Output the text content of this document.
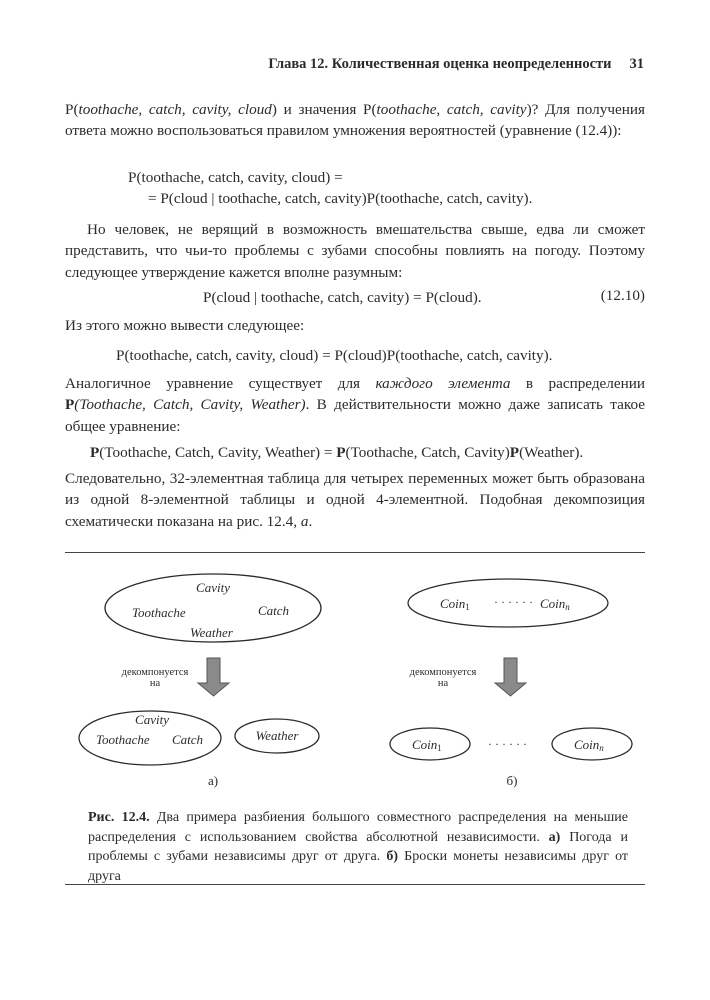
Глава 12. Количественная оценка неопределенности 31
P(toothache, catch, cavity, cloud) и значения P(toothache, catch, cavity)? Для получения ответа можно воспользоваться правилом умножения вероятностей (уравнение (12.4)):
P(toothache, catch, cavity, cloud) =
= P(cloud | toothache, catch, cavity)P(toothache, catch, cavity).
Но человек, не верящий в возможность вмешательства свыше, едва ли сможет представить, что чьи-то проблемы с зубами способны повлиять на погоду. Поэтому следующее утверждение кажется вполне разумным:
P(cloud | toothache, catch, cavity) = P(cloud).	(12.10)
Из этого можно вывести следующее:
P(toothache, catch, cavity, cloud) = P(cloud)P(toothache, catch, cavity).
Аналогичное уравнение существует для каждого элемента в распределении P(Toothache, Catch, Cavity, Weather). В действительности можно даже записать такое общее уравнение:
P(Toothache, Catch, Cavity, Weather) = P(Toothache, Catch, Cavity)P(Weather).
Следовательно, 32-элементная таблица для четырех переменных может быть образована из одной 8-элементной таблицы и одной 4-элементной. Подобная декомпозиция схематически показана на рис. 12.4, а.
Cavity
Toothache	Catch
Weather
декомпонуется
на
Cavity
Toothache Catch	Weather
а)
Coin1 · · · · · · Coinn
декомпонуется
на
Coin1	· · · · · ·	Coinn
б)
Рис. 12.4. Два примера разбиения большого совместного распределения на меньшие распределения с использованием свойства абсолютной независимости. а) Погода и проблемы с зубами независимы друг от друга. б) Броски монеты независимы друг от друга
